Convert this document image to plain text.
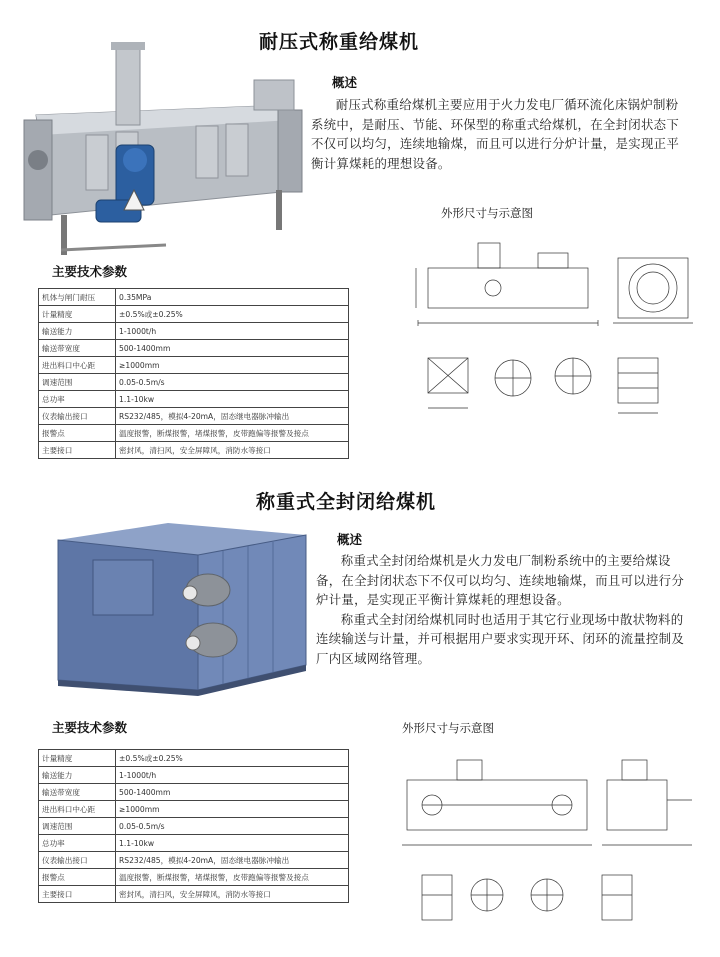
耐压式称重给煤机
概述

耐压式称重给煤机主要应用于火力发电厂循环流化床锅炉制粉系统中，是耐压、节能、环保型的称重式给煤机，在全封闭状态下不仅可以均匀，连续地输煤，而且可以进行分炉计量，是实现正平衡计算煤耗的理想设备。

主要技术参数
机体与闸门耐压	0.35MPa
计量精度	±0.5%或±0.25%
输送能力	1-1000t/h
输送带宽度	500-1400mm
进出料口中心距	≥1000mm
调速范围	0.05-0.5m/s
总功率	1.1-10kw
仪表输出接口	RS232/485，模拟4-20mA，固态继电器脉冲输出
报警点	温度报警，断煤报警，堵煤报警，皮带跑偏等报警及接点
主要接口	密封风，清扫风，安全屏障风，消防水等接口
外形尺寸与示意图
称重式全封闭给煤机
概述

称重式全封闭给煤机是火力发电厂制粉系统中的主要给煤设备，在全封闭状态下不仅可以均匀、连续地输煤，而且可以进行分炉计量，是实现正平衡计算煤耗的理想设备。

称重式全封闭给煤机同时也适用于其它行业现场中散状物料的连续输送与计量，并可根据用户要求实现开环、闭环的流量控制及厂内区域网络管理。

主要技术参数
计量精度	±0.5%或±0.25%
输送能力	1-1000t/h
输送带宽度	500-1400mm
进出料口中心距	≥1000mm
调速范围	0.05-0.5m/s
总功率	1.1-10kw
仪表输出接口	RS232/485，模拟4-20mA，固态继电器脉冲输出
报警点	温度报警，断煤报警，堵煤报警，皮带跑偏等报警及接点
主要接口	密封风，清扫风，安全屏障风，消防水等接口
外形尺寸与示意图
